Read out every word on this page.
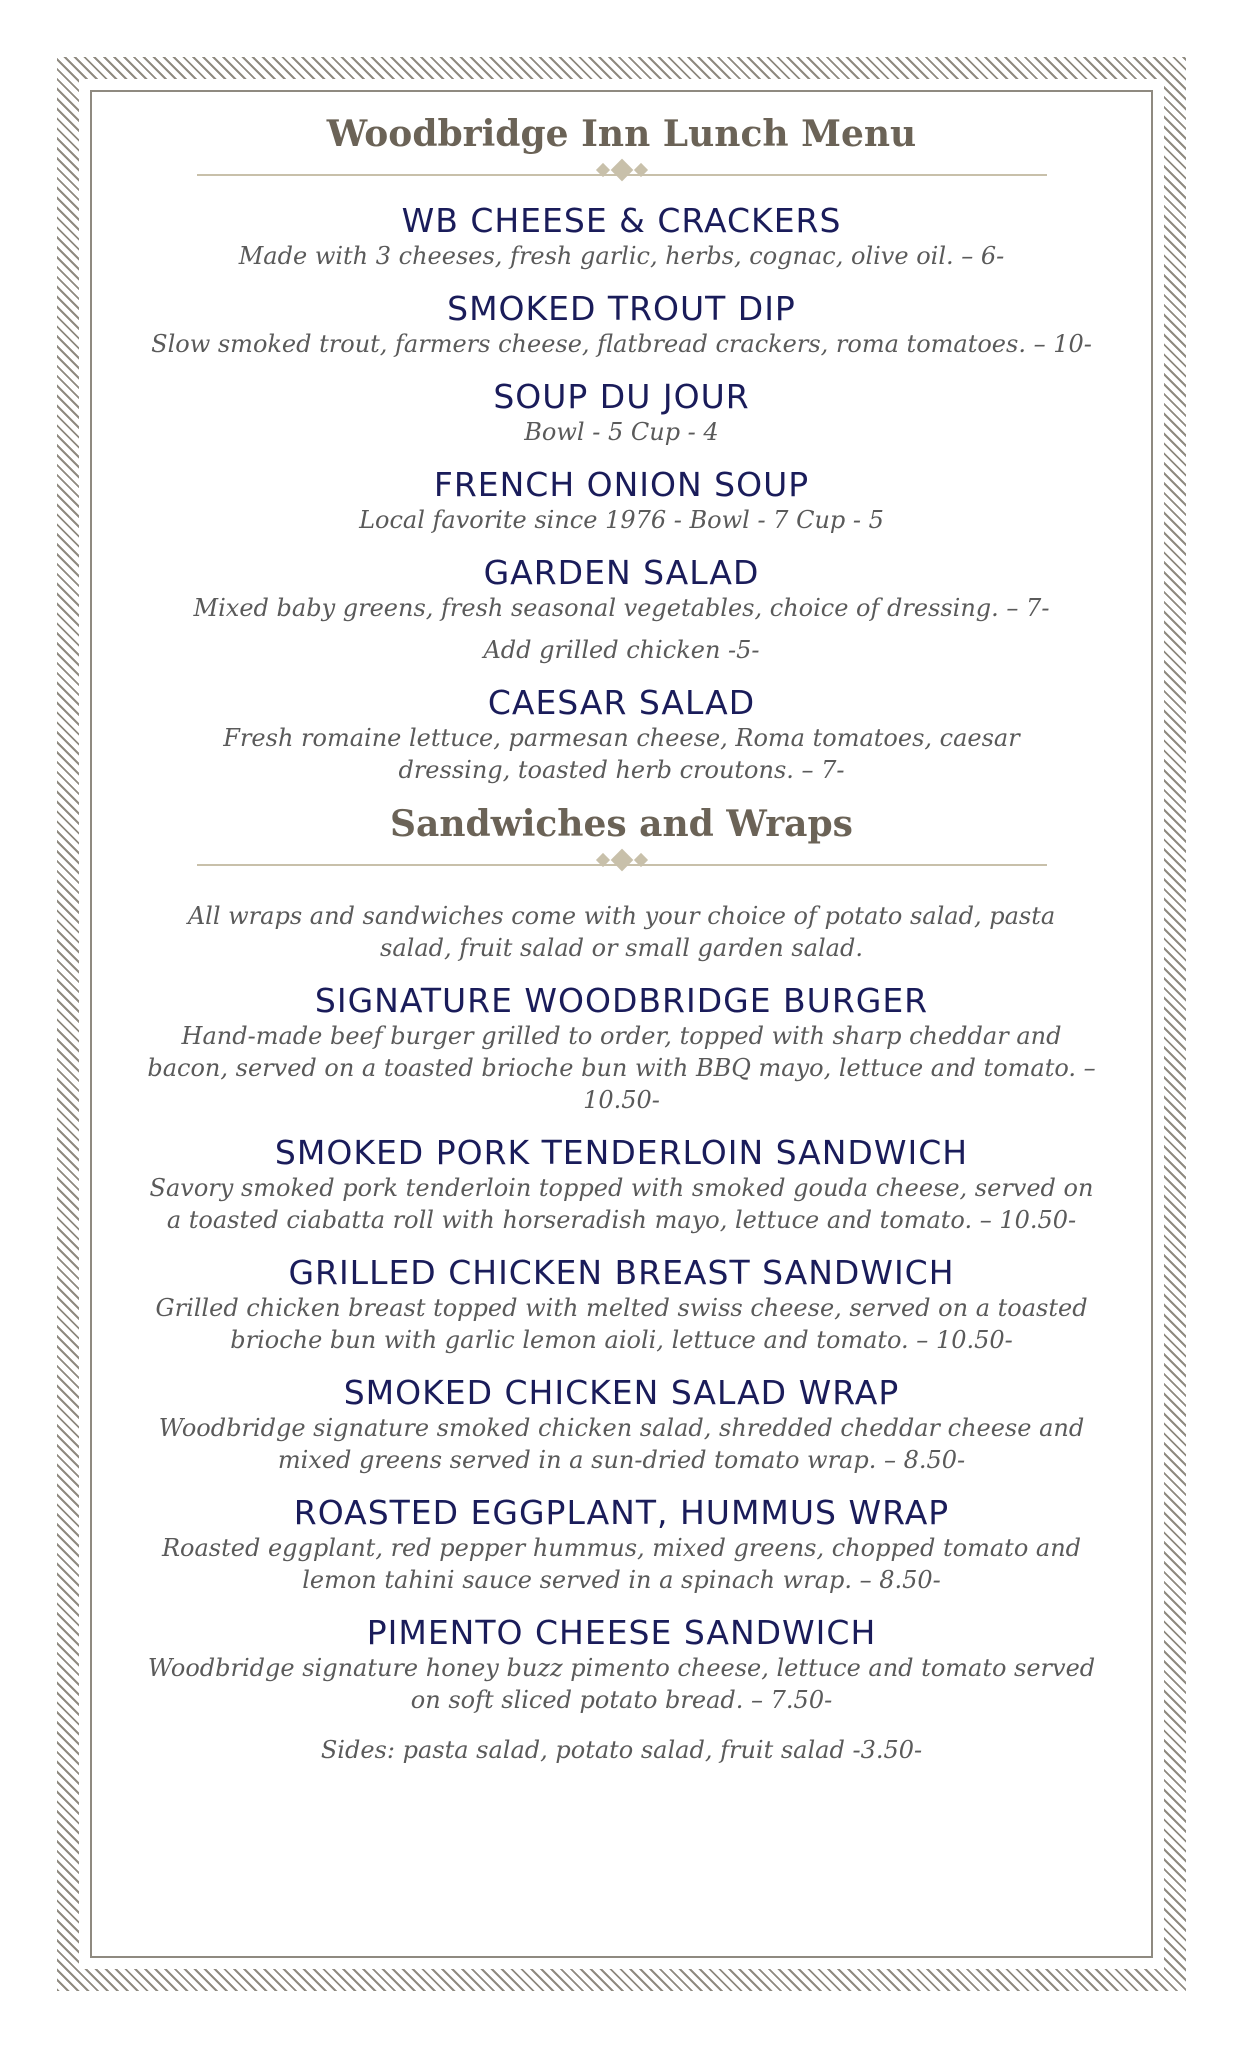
Woodbridge Inn Lunch Menu
WB CHEESE & CRACKERS
Made with 3 cheeses, fresh garlic, herbs, cognac, olive oil. – 6-
SMOKED TROUT DIP
Slow smoked trout, farmers cheese, flatbread crackers, roma tomatoes. – 10-
SOUP DU JOUR
Bowl - 5 Cup - 4
FRENCH ONION SOUP
Local favorite since 1976 - Bowl - 7 Cup - 5
GARDEN SALAD
Mixed baby greens, fresh seasonal vegetables, choice of dressing. – 7-
Add grilled chicken -5-
CAESAR SALAD
Fresh romaine lettuce, parmesan cheese, Roma tomatoes, caesar dressing, toasted herb croutons. – 7-
Sandwiches and Wraps
All wraps and sandwiches come with your choice of potato salad, pasta salad, fruit salad or small garden salad.
SIGNATURE WOODBRIDGE BURGER
Hand-made beef burger grilled to order, topped with sharp cheddar and bacon, served on a toasted brioche bun with BBQ mayo, lettuce and tomato. – 10.50-
SMOKED PORK TENDERLOIN SANDWICH
Savory smoked pork tenderloin topped with smoked gouda cheese, served on a toasted ciabatta roll with horseradish mayo, lettuce and tomato. – 10.50-
GRILLED CHICKEN BREAST SANDWICH
Grilled chicken breast topped with melted swiss cheese, served on a toasted brioche bun with garlic lemon aioli, lettuce and tomato. – 10.50-
SMOKED CHICKEN SALAD WRAP
Woodbridge signature smoked chicken salad, shredded cheddar cheese and mixed greens served in a sun-dried tomato wrap. – 8.50-
ROASTED EGGPLANT, HUMMUS WRAP
Roasted eggplant, red pepper hummus, mixed greens, chopped tomato and lemon tahini sauce served in a spinach wrap. – 8.50-
PIMENTO CHEESE SANDWICH
Woodbridge signature honey buzz pimento cheese, lettuce and tomato served on soft sliced potato bread. – 7.50-
Sides: pasta salad, potato salad, fruit salad -3.50-
